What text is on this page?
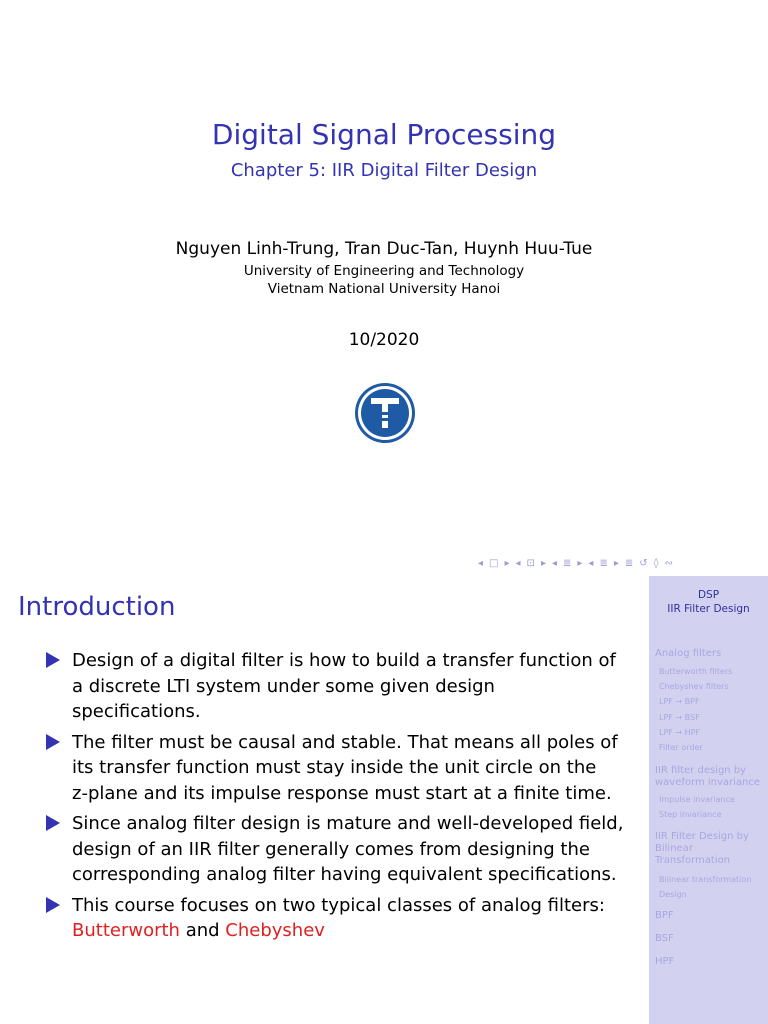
Digital Signal Processing
Chapter 5: IIR Digital Filter Design
Nguyen Linh-Trung, Tran Duc-Tan, Huynh Huu-Tue
University of Engineering and Technology
Vietnam National University Hanoi
10/2020
◂ □ ▸ ◂ ⊡ ▸ ◂ ≣ ▸ ◂ ≣ ▸ ≣ ↺ ◊ ∾
Introduction
Design of a digital filter is how to build a transfer function of
a discrete LTI system under some given design specifications.
The filter must be causal and stable. That means all poles of
its transfer function must stay inside the unit circle on the
z-plane and its impulse response must start at a finite time.
Since analog filter design is mature and well-developed field,
design of an IIR filter generally comes from designing the
corresponding analog filter having equivalent specifications.
This course focuses on two typical classes of analog filters:
Butterworth and Chebyshev
DSP
IIR Filter Design
Analog filters
Butterworth filters
Chebyshev filters
LPF → BPF
LPF → BSF
LPF → HPF
Filter order
IIR filter design by waveform invariance
Impulse invariance
Step invariance
IIR Filter Design by Bilinear Transformation
Bilinear transformation
Design
BPF
BSF
HPF
